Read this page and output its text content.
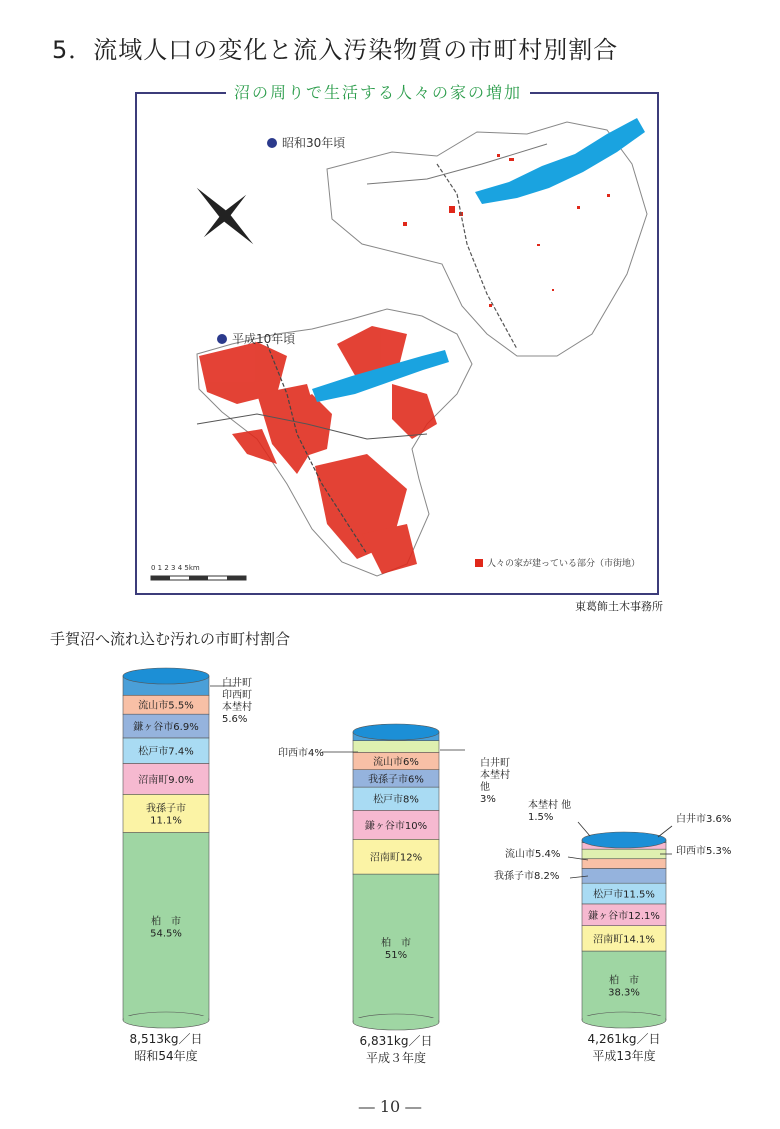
5．流域人口の変化と流入汚染物質の市町村別割合
昭和30年頃
平成10年頃
人々の家が建っている部分（市街地）
0 1 2 3 4 5km
沼の周りで生活する人々の家の増加
東葛飾土木事務所
手賀沼へ流れ込む汚れの市町村割合
柏　市 54.5%
我孫子市 11.1%
沼南町9.0%
松戸市7.4%
鎌ヶ谷市6.9%
流山市5.5%
白井町印西町本埜村 5.6%
8,513kg／日
昭和54年度
柏　市 51%
沼南町12%
鎌ヶ谷市10%
松戸市8%
我孫子市6%
流山市6%
印西市4%
白井町本埜村他 3%
6,831kg／日
平成３年度
柏　市 38.3%
沼南町14.1%
鎌ヶ谷市12.1%
松戸市11.5%
本埜村 他 1.5%	白井市3.6%
印西市5.3%
流山市5.4%
我孫子市8.2%
4,261kg／日
平成13年度
― 10 ―
